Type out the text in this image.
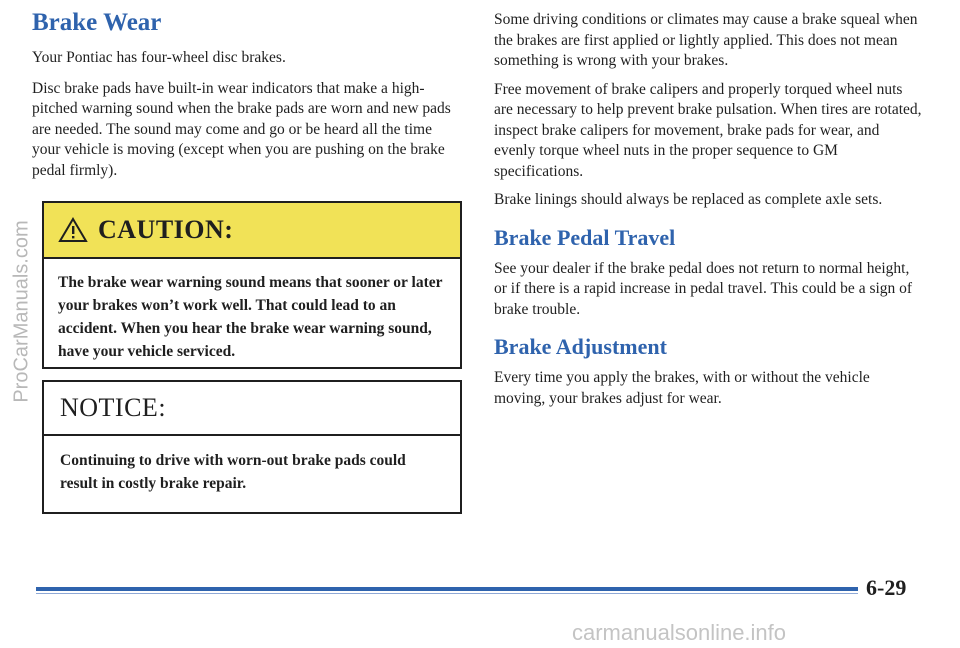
Brake Wear

Your Pontiac has four-wheel disc brakes.

Disc brake pads have built-in wear indicators that make a high-pitched warning sound when the brake pads are worn and new pads are needed. The sound may come and go or be heard all the time your vehicle is moving (except when you are pushing on the brake pedal firmly).

CAUTION:
The brake wear warning sound means that sooner or later your brakes won’t work well. That could lead to an accident. When you hear the brake wear warning sound, have your vehicle serviced.
NOTICE:
Continuing to drive with worn-out brake pads could result in costly brake repair.

Some driving conditions or climates may cause a brake squeal when the brakes are first applied or lightly applied. This does not mean something is wrong with your brakes.

Free movement of brake calipers and properly torqued wheel nuts are necessary to help prevent brake pulsation. When tires are rotated, inspect brake calipers for movement, brake pads for wear, and evenly torque wheel nuts in the proper sequence to GM specifications.

Brake linings should always be replaced as complete axle sets.

Brake Pedal Travel

See your dealer if the brake pedal does not return to normal height, or if there is a rapid increase in pedal travel. This could be a sign of brake trouble.

Brake Adjustment

Every time you apply the brakes, with or without the vehicle moving, your brakes adjust for wear.

6-29
ProCarManuals.com
carmanualsonline.info
